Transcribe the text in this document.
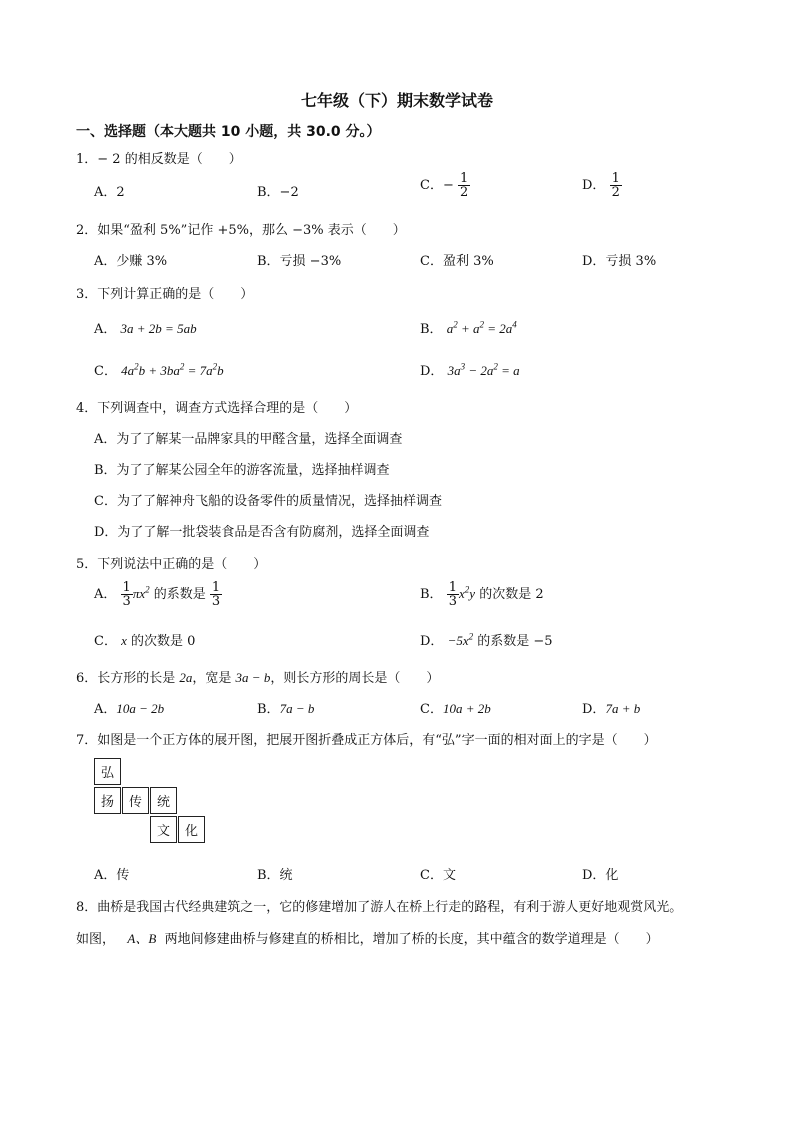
七年级（下）期末数学试卷
一、选择题（本大题共 10 小题，共 30.0 分。）
1．− 2 的相反数是（　　）
A．2	B．−2	C．− $\frac{1}{2}$	D． $\frac{1}{2}$
2．如果“盈利 5%”记作 +5%，那么 −3% 表示（　　）
A．少赚 3%	B．亏损 −3%	C．盈利 3%	D．亏损 3%
3．下列计算正确的是（　　）
A． 3a + 2b = 5ab	B． $a^2 + a^2 = 2a^4$
C． $4a^2b + 3ba^2 = 7a^2b$	D． $3a^3 - 2a^2 = a$
4．下列调查中，调查方式选择合理的是（　　）
A．为了了解某一品牌家具的甲醛含量，选择全面调查
B．为了了解某公园全年的游客流量，选择抽样调查
C．为了了解神舟飞船的设备零件的质量情况，选择抽样调查
D．为了了解一批袋装食品是否含有防腐剂，选择全面调查
5．下列说法中正确的是（　　）
A． $\frac{1}{3} \pi x^2$ 的系数是 $\frac{1}{3}$	B． $\frac{1}{3} x^2y$ 的次数是 2
C． x 的次数是 0	D． $-5x^2$ 的系数是 −5
6．长方形的长是 2a，宽是 3a − b，则长方形的周长是（　　）
A．10a − 2b	B．7a − b	C．10a + 2b	D．7a + b
7．如图是一个正方体的展开图，把展开图折叠成正方体后，有“弘”字一面的相对面上的字是（　　）
弘
扬	传	统
文	化
A．传	B．统	C．文	D．化
8．曲桥是我国古代经典建筑之一，它的修建增加了游人在桥上行走的路程，有利于游人更好地观赏风光。
如图， A、B 两地间修建曲桥与修建直的桥相比，增加了桥的长度，其中蕴含的数学道理是（　　）
